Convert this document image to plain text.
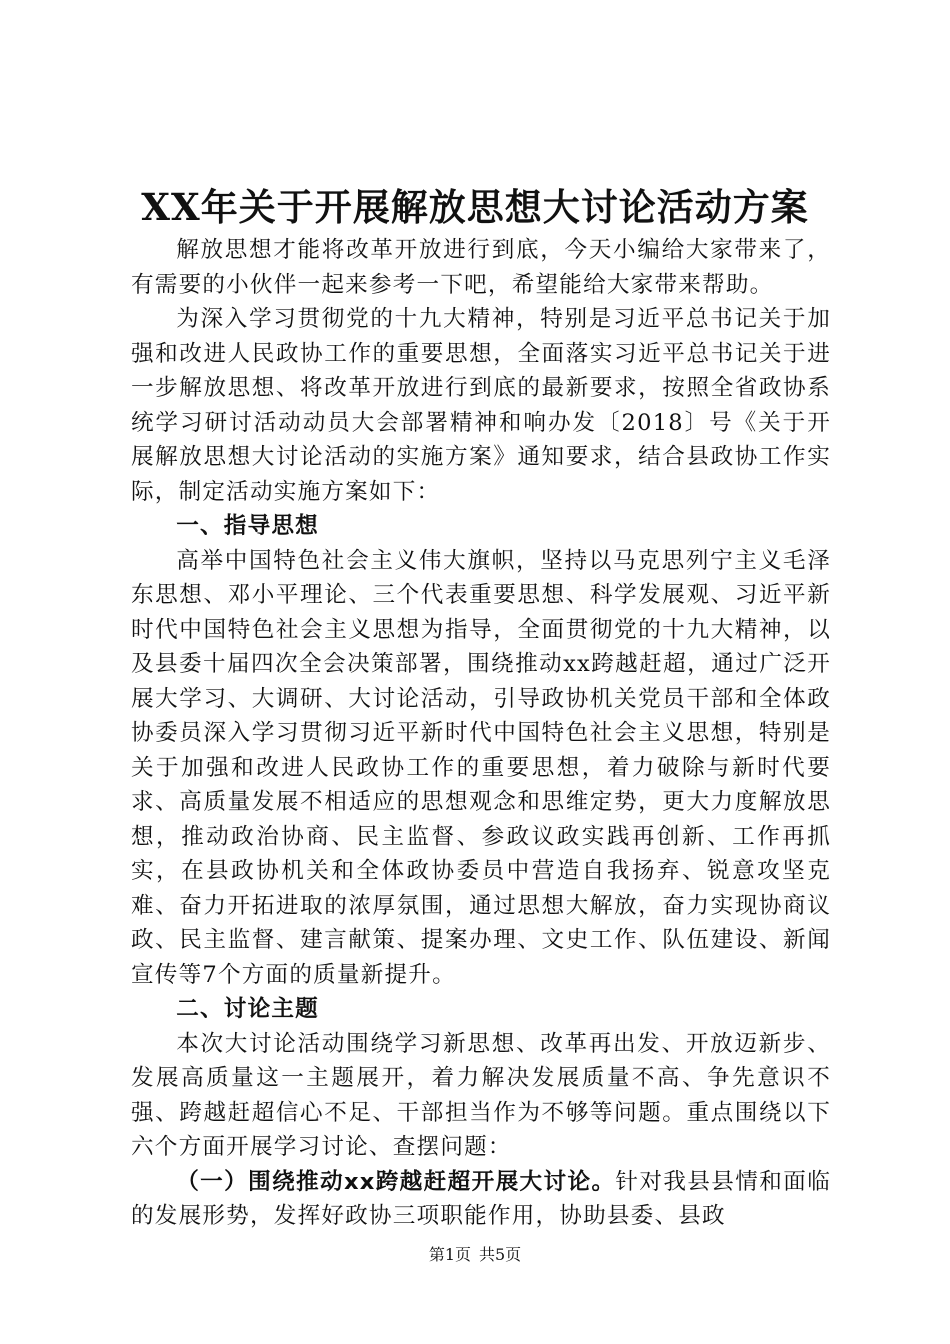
XX年关于开展解放思想大讨论活动方案

解放思想才能将改革开放进行到底，今天小编给大家带来了，有需要的小伙伴一起来参考一下吧，希望能给大家带来帮助。

为深入学习贯彻党的十九大精神，特别是习近平总书记关于加强和改进人民政协工作的重要思想，全面落实习近平总书记关于进一步解放思想、将改革开放进行到底的最新要求，按照全省政协系统学习研讨活动动员大会部署精神和响办发〔2018〕号《关于开展解放思想大讨论活动的实施方案》通知要求，结合县政协工作实际，制定活动实施方案如下：

一、指导思想

高举中国特色社会主义伟大旗帜，坚持以马克思列宁主义毛泽东思想、邓小平理论、三个代表重要思想、科学发展观、习近平新时代中国特色社会主义思想为指导，全面贯彻党的十九大精神，以及县委十届四次全会决策部署，围绕推动xx跨越赶超，通过广泛开展大学习、大调研、大讨论活动，引导政协机关党员干部和全体政协委员深入学习贯彻习近平新时代中国特色社会主义思想，特别是关于加强和改进人民政协工作的重要思想，着力破除与新时代要求、高质量发展不相适应的思想观念和思维定势，更大力度解放思想，推动政治协商、民主监督、参政议政实践再创新、工作再抓实，在县政协机关和全体政协委员中营造自我扬弃、锐意攻坚克难、奋力开拓进取的浓厚氛围，通过思想大解放，奋力实现协商议政、民主监督、建言献策、提案办理、文史工作、队伍建设、新闻宣传等7个方面的质量新提升。

二、讨论主题

本次大讨论活动围绕学习新思想、改革再出发、开放迈新步、发展高质量这一主题展开，着力解决发展质量不高、争先意识不强、跨越赶超信心不足、干部担当作为不够等问题。重点围绕以下六个方面开展学习讨论、查摆问题：

（一）围绕推动xx跨越赶超开展大讨论。针对我县县情和面临的发展形势，发挥好政协三项职能作用，协助县委、县政

第1页 共5页
